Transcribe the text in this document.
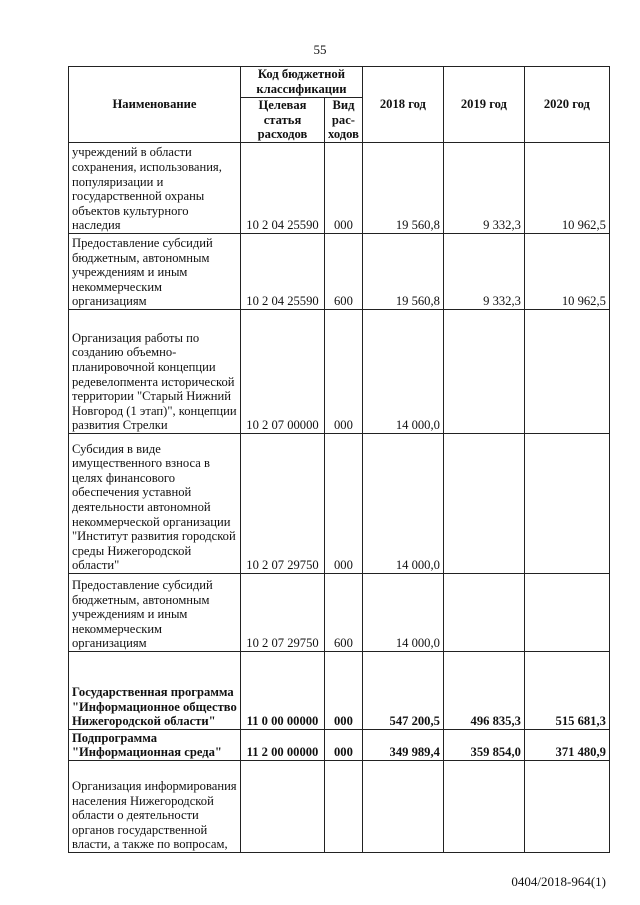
55
Наименование	Код бюджетной классификации		2018 год	2019 год	2020 год
	Целевая статья расходов	Вид рас-ходов			
учреждений в области сохранения, использования, популяризации и государственной охраны объектов культурного наследия	10 2 04 25590	000	19 560,8	9 332,3	10 962,5
Предоставление субсидий бюджетным, автономным учреждениям и иным некоммерческим организациям	10 2 04 25590	600	19 560,8	9 332,3	10 962,5
Организация работы по созданию объемно-планировочной концепции редевелопмента исторической территории "Старый Нижний Новгород (1 этап)", концепции развития Стрелки	10 2 07 00000	000	14 000,0		
Субсидия в виде имущественного взноса в целях финансового обеспечения уставной деятельности автономной некоммерческой организации "Институт развития городской среды Нижегородской области"	10 2 07 29750	000	14 000,0		
Предоставление субсидий бюджетным, автономным учреждениям и иным некоммерческим организациям	10 2 07 29750	600	14 000,0		
Государственная программа "Информационное общество Нижегородской области"	11 0 00 00000	000	547 200,5	496 835,3	515 681,3
Подпрограмма "Информационная среда"	11 2 00 00000	000	349 989,4	359 854,0	371 480,9
Организация информирования населения Нижегородской области о деятельности органов государственной власти, а также по вопросам,					
0404/2018-964(1)
